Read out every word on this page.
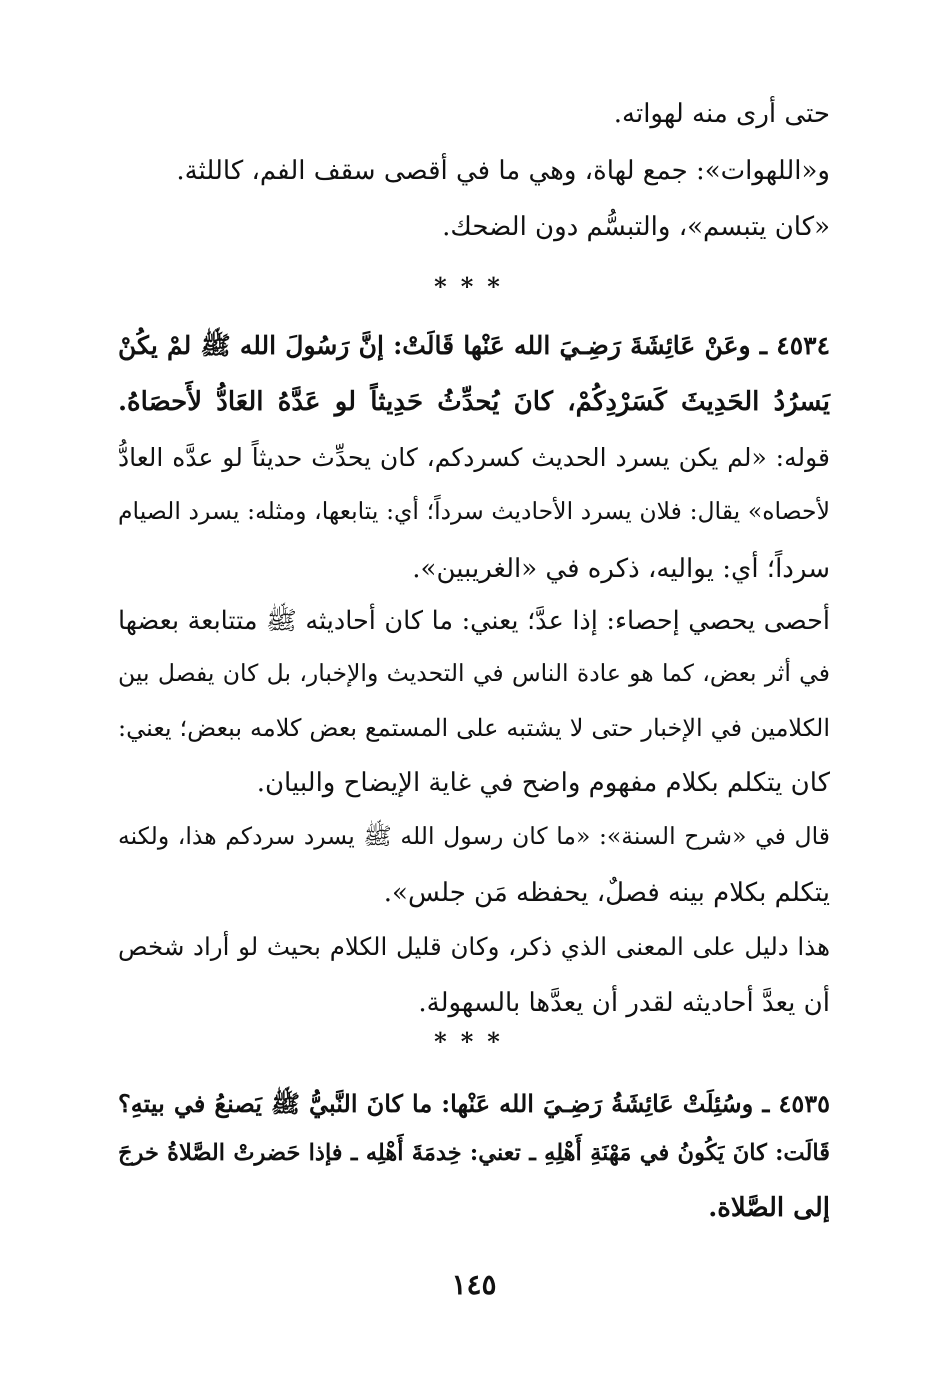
حتى أرى منه لهواته.
و«اللهوات»: جمع لهاة، وهي ما في أقصى سقف الفم، كاللثة.
«كان يتبسم»، والتبسُّم دون الضحك.
***
٤٥٣٤ ـ وعَنْ عَائِشَةَ رَضِـيَ الله عَنْها قَالَتْ: إنَّ رَسُولَ الله ﷺ لمْ يكُنْ
يَسرُدُ الحَدِيثَ كَسَرْدِكُمْ، كانَ يُحدِّثُ حَدِيثاً لو عَدَّهُ العَادُّ لأَحصَاهُ.
قوله: «لم يكن يسرد الحديث كسردكم، كان يحدِّث حديثاً لو عدَّه العادُّ
لأحصاه» يقال: فلان يسرد الأحاديث سرداً؛ أي: يتابعها، ومثله: يسرد الصيام
سرداً؛ أي: يواليه، ذكره في «الغريبين».
أحصى يحصي إحصاء: إذا عدَّ؛ يعني: ما كان أحاديثه ﷺ متتابعة بعضها
في أثر بعض، كما هو عادة الناس في التحديث والإخبار، بل كان يفصل بين
الكلامين في الإخبار حتى لا يشتبه على المستمع بعض كلامه ببعض؛ يعني:
كان يتكلم بكلام مفهوم واضح في غاية الإيضاح والبيان.
قال في «شرح السنة»: «ما كان رسول الله ﷺ يسرد سردكم هذا، ولكنه
يتكلم بكلام بينه فصلٌ، يحفظه مَن جلس».
هذا دليل على المعنى الذي ذكر، وكان قليل الكلام بحيث لو أراد شخص
أن يعدَّ أحاديثه لقدر أن يعدَّها بالسهولة.
***
٤٥٣٥ ـ وسُئِلَتْ عَائِشَةُ رَضِـيَ الله عَنْها: ما كانَ النَّبيُّ ﷺ يَصنعُ في بيتهِ؟
قَالَت: كانَ يَكُونُ في مَهْنَةِ أَهْلِهِ ـ تعني: خِدمَةَ أَهْلِه ـ فإذا حَضرتْ الصَّلاةُ خرجَ
إلى الصَّلاة.
١٤٥
